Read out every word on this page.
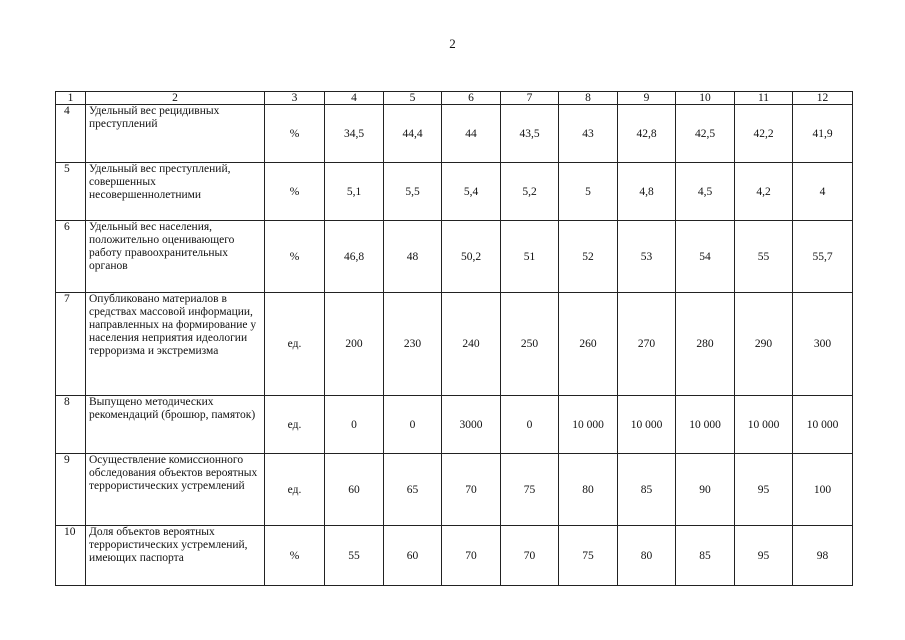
2
1	2	3	4	5	6	7	8	9	10	11	12
4	Удельный вес рецидивных преступлений	%	34,5	44,4	44	43,5	43	42,8	42,5	42,2	41,9
5	Удельный вес преступлений, совершенных несовершеннолетними	%	5,1	5,5	5,4	5,2	5	4,8	4,5	4,2	4
6	Удельный вес населения, положительно оценивающего работу правоохранительных органов	%	46,8	48	50,2	51	52	53	54	55	55,7
7	Опубликовано материалов в средствах массовой информации, направленных на формирование у населения неприятия идеологии терроризма и экстремизма	ед.	200	230	240	250	260	270	280	290	300
8	Выпущено методических рекомендаций (брошюр, памяток)	ед.	0	0	3000	0	10 000	10 000	10 000	10 000	10 000
9	Осуществление комиссионного обследования объектов вероятных террористических устремлений	ед.	60	65	70	75	80	85	90	95	100
10	Доля объектов вероятных террористических устремлений, имеющих паспорта	%	55	60	70	70	75	80	85	95	98
